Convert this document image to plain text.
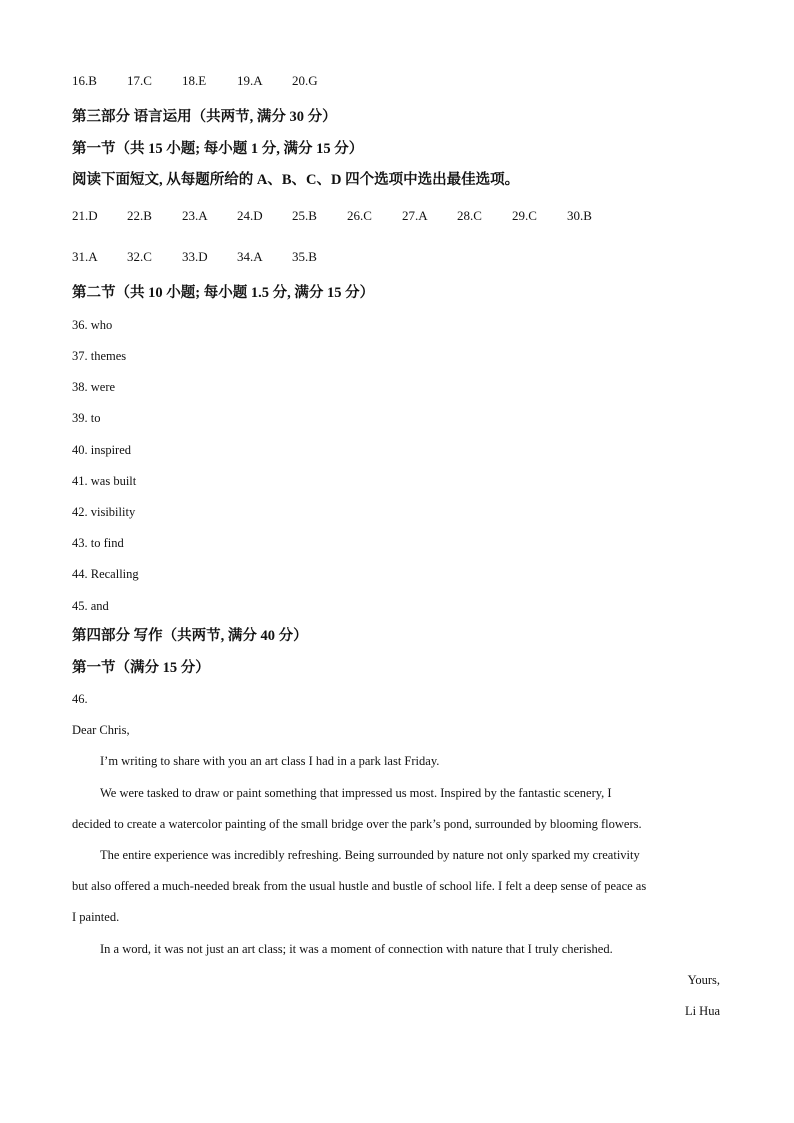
16.B 17.C 18.E 19.A 20.G
第三部分 语言运用（共两节, 满分 30 分）
第一节（共 15 小题; 每小题 1 分, 满分 15 分）
阅读下面短文, 从每题所给的 A、B、C、D 四个选项中选出最佳选项。
21.D 22.B 23.A 24.D 25.B 26.C 27.A 28.C 29.C 30.B
31.A 32.C 33.D 34.A 35.B
第二节（共 10 小题; 每小题 1.5 分, 满分 15 分）
36. who
37. themes
38. were
39. to
40. inspired
41. was built
42. visibility
43. to find
44. Recalling
45. and
第四部分 写作（共两节, 满分 40 分）
第一节（满分 15 分）
46.
Dear Chris,
I’m writing to share with you an art class I had in a park last Friday.
We were tasked to draw or paint something that impressed us most. Inspired by the fantastic scenery, I
decided to create a watercolor painting of the small bridge over the park’s pond, surrounded by blooming flowers.
The entire experience was incredibly refreshing. Being surrounded by nature not only sparked my creativity
but also offered a much-needed break from the usual hustle and bustle of school life. I felt a deep sense of peace as
I painted.
In a word, it was not just an art class; it was a moment of connection with nature that I truly cherished.
Yours,
Li Hua
